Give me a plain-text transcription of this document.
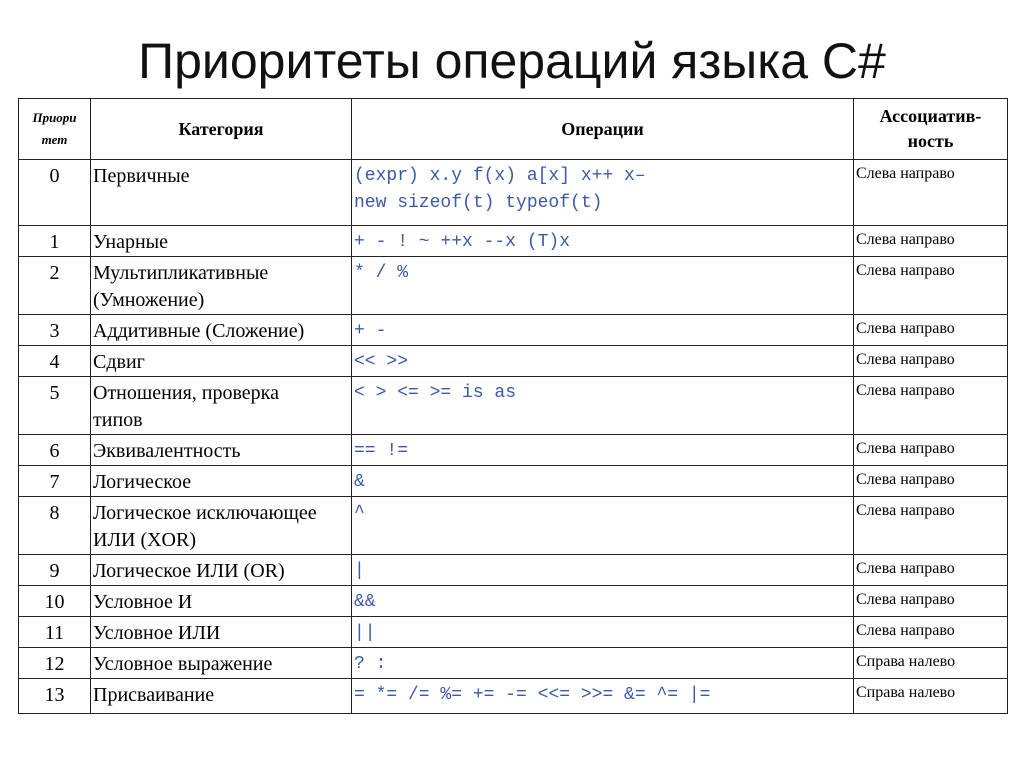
Приоритеты операций языка С#
Приори
тет	Категория	Операции	Ассоциатив-
ность

0	Первичные	(expr) x.y f(x) a[x] x++ x–
new sizeof(t) typeof(t)	Слева направо
1	Унарные	+ - ! ~ ++x --x (T)x	Слева направо
2	Мультипликативные
(Умножение)	* / %	Слева направо
3	Аддитивные (Сложение)	+ -	Слева направо
4	Сдвиг	<< >>	Слева направо
5	Отношения, проверка
типов	< > <= >= is as	Слева направо
6	Эквивалентность	== !=	Слева направо
7	Логическое	&	Слева направо
8	Логическое исключающее
ИЛИ (XOR)	^	Слева направо
9	Логическое ИЛИ (OR)	|	Слева направо
10	Условное И	&&	Слева направо
11	Условное ИЛИ	||	Слева направо
12	Условное выражение	? :	Справа налево
13	Присваивание	= *= /= %= += -= <<= >>= &= ^= |=	Справа налево
